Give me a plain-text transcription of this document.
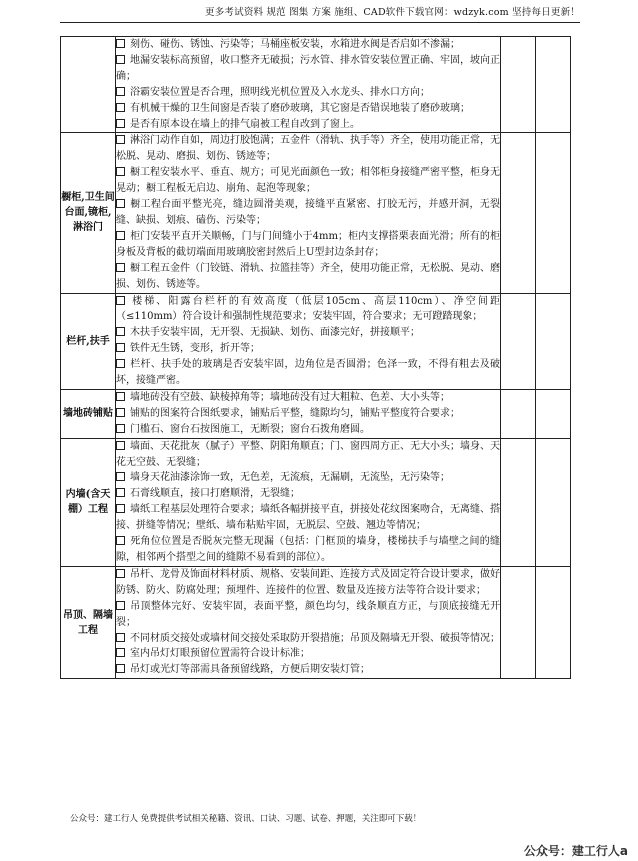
更多考试资料 规范 图集 方案 施组、CAD软件下载官网：wdzyk.com 坚持每日更新！

	刻伤、碰伤、锈蚀、污染等；马桶座板安装，水箱进水阀是否启如不渗漏；
地漏安装标高预留，收口整齐无破损；污水管、排水管安装位置正确、牢固，坡向正确；
浴霸安装位置是否合理，照明线光机位置及入水龙头、排水口方向；
有机械干燥的卫生间窗是否装了磨砂玻璃，其它窗是否错误地装了磨砂玻璃；
是否有原本设在墙上的排气扇被工程自改到了窗上。		

橱柜,卫生间台面,镜柜,淋浴门	淋浴门动作自如，周边打胶饱满；五金件（滑轨、执手等）齐全，使用功能正常，无松脱、晃动、磨损、划伤、锈迹等；
橱工程安装水平、垂直、规方；可见光面颜色一致；相邻柜身接缝严密平整，柜身无晃动；橱工程板无启边、崩角、起泡等现象；
橱工程台面平整光亮，缝边圆滑美观，接缝平直紧密、打胶无污，并感开洞，无裂缝、缺损、划痕、磕伤、污染等；
柜门安装平直开关顺畅，门与门间缝小于4mm；柜内支撑搭栗表面光滑；所有的柜身板及背板的截切端面用玻璃胶密封然后上U型封边条封存；
橱工程五金件（门铰链、滑轨、拉篮挂等）齐全，使用功能正常，无松脱、晃动、磨损、划伤、锈迹等。		

栏杆,扶手	楼梯、阳露台栏杆的有效高度（低层105cm、高层110cm）、净空间距（≤110mm）符合设计和强制性规范要求；安装牢固，符合要求；无可蹬踏现象；
木扶手安装牢固，无开裂、无损缺、划伤、面漆完好，拼接顺平；
铁件无生锈，变形，折开等；
栏杆、扶手处的玻璃是否安装牢固，边角位是否圆滑；色泽一致，不得有粗去及破坏，接缝严密。		

墙地砖铺贴	墙地砖没有空鼓、缺棱掉角等；墙地砖没有过大粗粒、色差、大小头等；
铺贴的图案符合图纸要求，铺贴后平整，缝隙均匀，铺贴平整度符合要求；
门槛石、窗台石按图施工，无断裂；窗台石拨角磨圆。		

内墙(含天棚）工程	墙面、天花批灰（腻子）平整、阴阳角顺直；门、窗四周方正、无大小头；墙身、天花无空鼓、无裂缝；
墙身天花油漆涂饰一致，无色差，无流痕，无漏刷，无流坠，无污染等；
石膏线顺直，接口打磨顺滑，无裂缝；
墙纸工程基层处理符合要求；墙纸各幅拼接平直，拼接处花纹图案吻合，无离缝、搭接、拼缝等情况；壁纸、墙布粘贴牢固，无脱层、空鼓、翘边等情况；
死角位位置是否脱灰完整无现漏（包括：门框顶的墙身，楼梯扶手与墙壁之间的缝隙，相邻两个搭型之间的缝隙不易看到的部位）。		

吊顶、隔墙工程	吊杆、龙骨及饰面材料材质、规格、安装间距、连接方式及固定符合设计要求，做好防锈、防火、防腐处理；预埋件、连接件的位置、数量及连接方法等符合设计要求；
吊顶整体完好、安装牢固，表面平整，颜色均匀，线条顺直方正，与顶底接缝无开裂；
不同材质交接处或墙材间交接处采取防开裂措施；吊顶及隔墙无开裂、破损等情况；
室内吊灯灯眼预留位置需符合设计标准；
吊灯或光灯等部需具备预留线路，方便后期安装灯管；		

公众号：建工行人 免费提供考试相关秘籍、资讯、口诀、习题、试卷、押题，关注即可下载！
公众号：建工行人a
